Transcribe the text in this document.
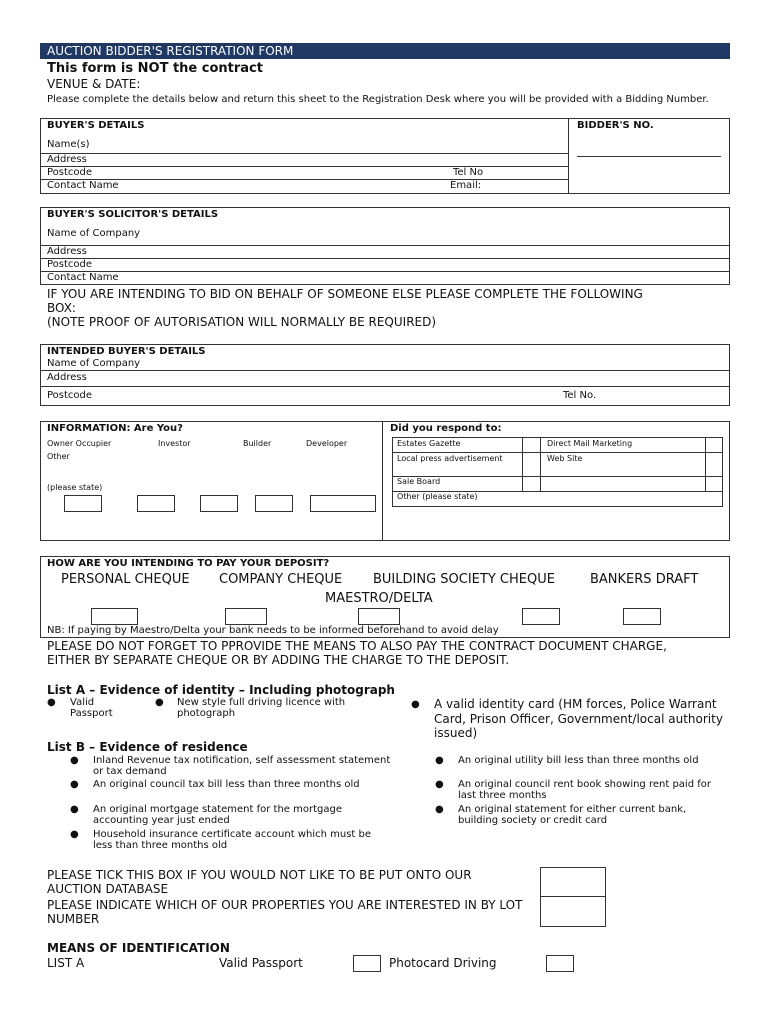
AUCTION BIDDER'S REGISTRATION FORM
This form is NOT the contract
VENUE & DATE:
Please complete the details below and return this sheet to the Registration Desk where you will be provided with a Bidding Number.
BUYER'S DETAILS	BIDDER'S NO.
Name(s)
Address
Postcode	Tel No
Contact Name	Email:
BUYER'S SOLICITOR'S DETAILS
Name of Company
Address
Postcode
Contact Name
IF YOU ARE INTENDING TO BID ON BEHALF OF SOMEONE ELSE PLEASE COMPLETE THE FOLLOWING
BOX:
(NOTE PROOF OF AUTORISATION WILL NORMALLY BE REQUIRED)
INTENDED BUYER'S DETAILS
Name of Company
Address
Postcode	Tel No.
INFORMATION: Are You?
Owner Occupier	Investor	Builder	Developer
Other
(please state)
Did you respond to:
Estates Gazette	Direct Mail Marketing
Local press advertisement	Web Site
Sale Board
Other (please state)
HOW ARE YOU INTENDING TO PAY YOUR DEPOSIT?
PERSONAL CHEQUE COMPANY CHEQUE BUILDING SOCIETY CHEQUE	BANKERS DRAFT
MAESTRO/DELTA
NB: If paying by Maestro/Delta your bank needs to be informed beforehand to avoid delay
PLEASE DO NOT FORGET TO PPROVIDE THE MEANS TO ALSO PAY THE CONTRACT DOCUMENT CHARGE,
EITHER BY SEPARATE CHEQUE OR BY ADDING THE CHARGE TO THE DEPOSIT.
List A – Evidence of identity – Including photograph
● Valid Passport
● New style full driving licence with photograph
● A valid identity card (HM forces, Police Warrant Card, Prison Officer, Government/local authority issued)
List B – Evidence of residence
● Inland Revenue tax notification, self assessment statement or tax demand
● An original council tax bill less than three months old
● An original mortgage statement for the mortgage accounting year just ended
● Household insurance certificate account which must be less than three months old
● An original utility bill less than three months old
● An original council rent book showing rent paid for last three months
● An original statement for either current bank, building society or credit card
PLEASE TICK THIS BOX IF YOU WOULD NOT LIKE TO BE PUT ONTO OUR AUCTION DATABASE
PLEASE INDICATE WHICH OF OUR PROPERTIES YOU ARE INTERESTED IN BY LOT NUMBER
MEANS OF IDENTIFICATION
LIST A	Valid Passport	Photocard Driving
